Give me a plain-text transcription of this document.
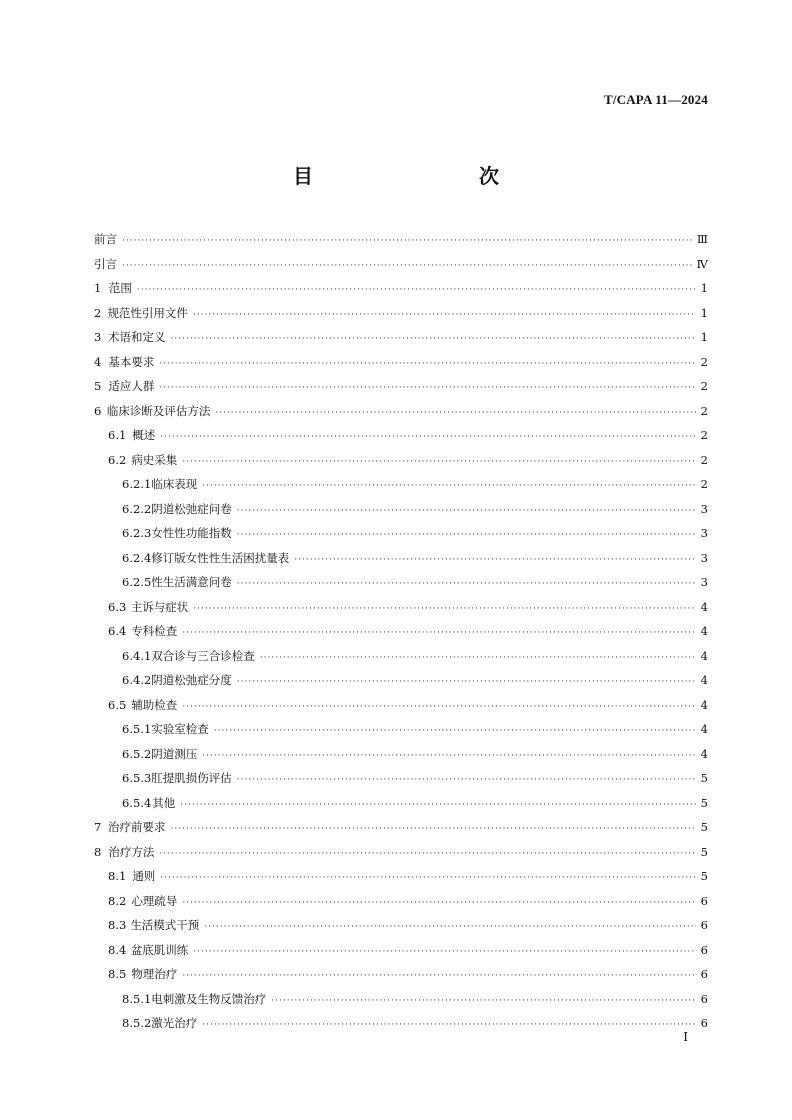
T/CAPA 11—2024
目　　次
前言 ·····	Ⅲ
引言 ·····	Ⅳ
1 范围 ·····	1
2 规范性引用文件 ·····	1
3 术语和定义 ·····	1
4 基本要求 ·····	2
5 适应人群 ·····	2
6 临床诊断及评估方法 ·····	2
6.1 概述 ·····	2
6.2 病史采集 ·····	2
6.2.1 临床表现 ·····	2
6.2.2 阴道松弛症问卷 ·····	3
6.2.3 女性性功能指数 ·····	3
6.2.4 修订版女性性生活困扰量表 ·····	3
6.2.5 性生活满意问卷 ·····	3
6.3 主诉与症状 ·····	4
6.4 专科检查 ·····	4
6.4.1 双合诊与三合诊检查 ·····	4
6.4.2 阴道松弛症分度 ·····	4
6.5 辅助检查 ·····	4
6.5.1 实验室检查 ·····	4
6.5.2 阴道测压 ·····	4
6.5.3 肛提肌损伤评估 ·····	5
6.5.4 其他 ·····	5
7 治疗前要求 ·····	5
8 治疗方法 ·····	5
8.1 通则 ·····	5
8.2 心理疏导 ·····	6
8.3 生活模式干预 ·····	6
8.4 盆底肌训练 ·····	6
8.5 物理治疗 ·····	6
8.5.1 电刺激及生物反馈治疗 ·····	6
8.5.2 激光治疗 ·····	6
I
